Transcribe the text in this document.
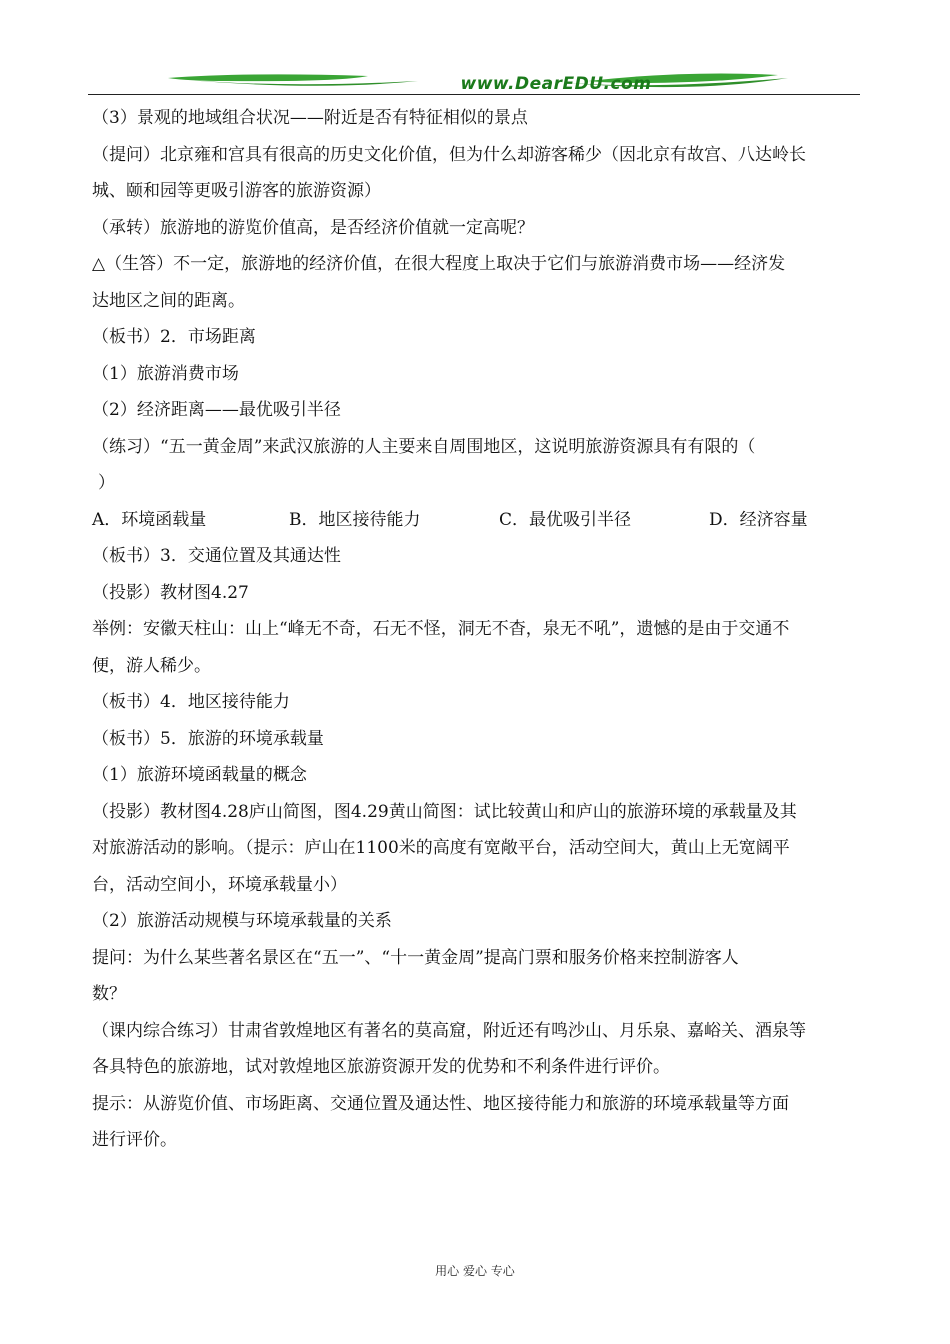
www.DearEDU.com
（3）景观的地域组合状况——附近是否有特征相似的景点
（提问）北京雍和宫具有很高的历史文化价值，但为什么却游客稀少（因北京有故宫、八达岭长
城、颐和园等更吸引游客的旅游资源）
（承转）旅游地的游览价值高，是否经济价值就一定高呢？
△（生答）不一定，旅游地的经济价值，在很大程度上取决于它们与旅游消费市场——经济发
达地区之间的距离。
（板书）2．市场距离
（1）旅游消费市场
（2）经济距离——最优吸引半径
（练习）“五一黄金周”来武汉旅游的人主要来自周围地区，这说明旅游资源具有有限的（
）
A．环境函载量	B．地区接待能力	C．最优吸引半径	D．经济容量
（板书）3．交通位置及其通达性
（投影）教材图4.27
举例：安徽天柱山：山上“峰无不奇，石无不怪，洞无不杳，泉无不吼”，遗憾的是由于交通不
便，游人稀少。
（板书）4．地区接待能力
（板书）5．旅游的环境承载量
（1）旅游环境函载量的概念
（投影）教材图4.28庐山简图，图4.29黄山简图：试比较黄山和庐山的旅游环境的承载量及其
对旅游活动的影响。（提示：庐山在1100米的高度有宽敞平台，活动空间大，黄山上无宽阔平
台，活动空间小，环境承载量小）
（2）旅游活动规模与环境承载量的关系
提问：为什么某些著名景区在“五一”、“十一黄金周”提高门票和服务价格来控制游客人
数？
（课内综合练习）甘肃省敦煌地区有著名的莫高窟，附近还有鸣沙山、月乐泉、嘉峪关、酒泉等
各具特色的旅游地，试对敦煌地区旅游资源开发的优势和不利条件进行评价。
提示：从游览价值、市场距离、交通位置及通达性、地区接待能力和旅游的环境承载量等方面
进行评价。
用心 爱心 专心
